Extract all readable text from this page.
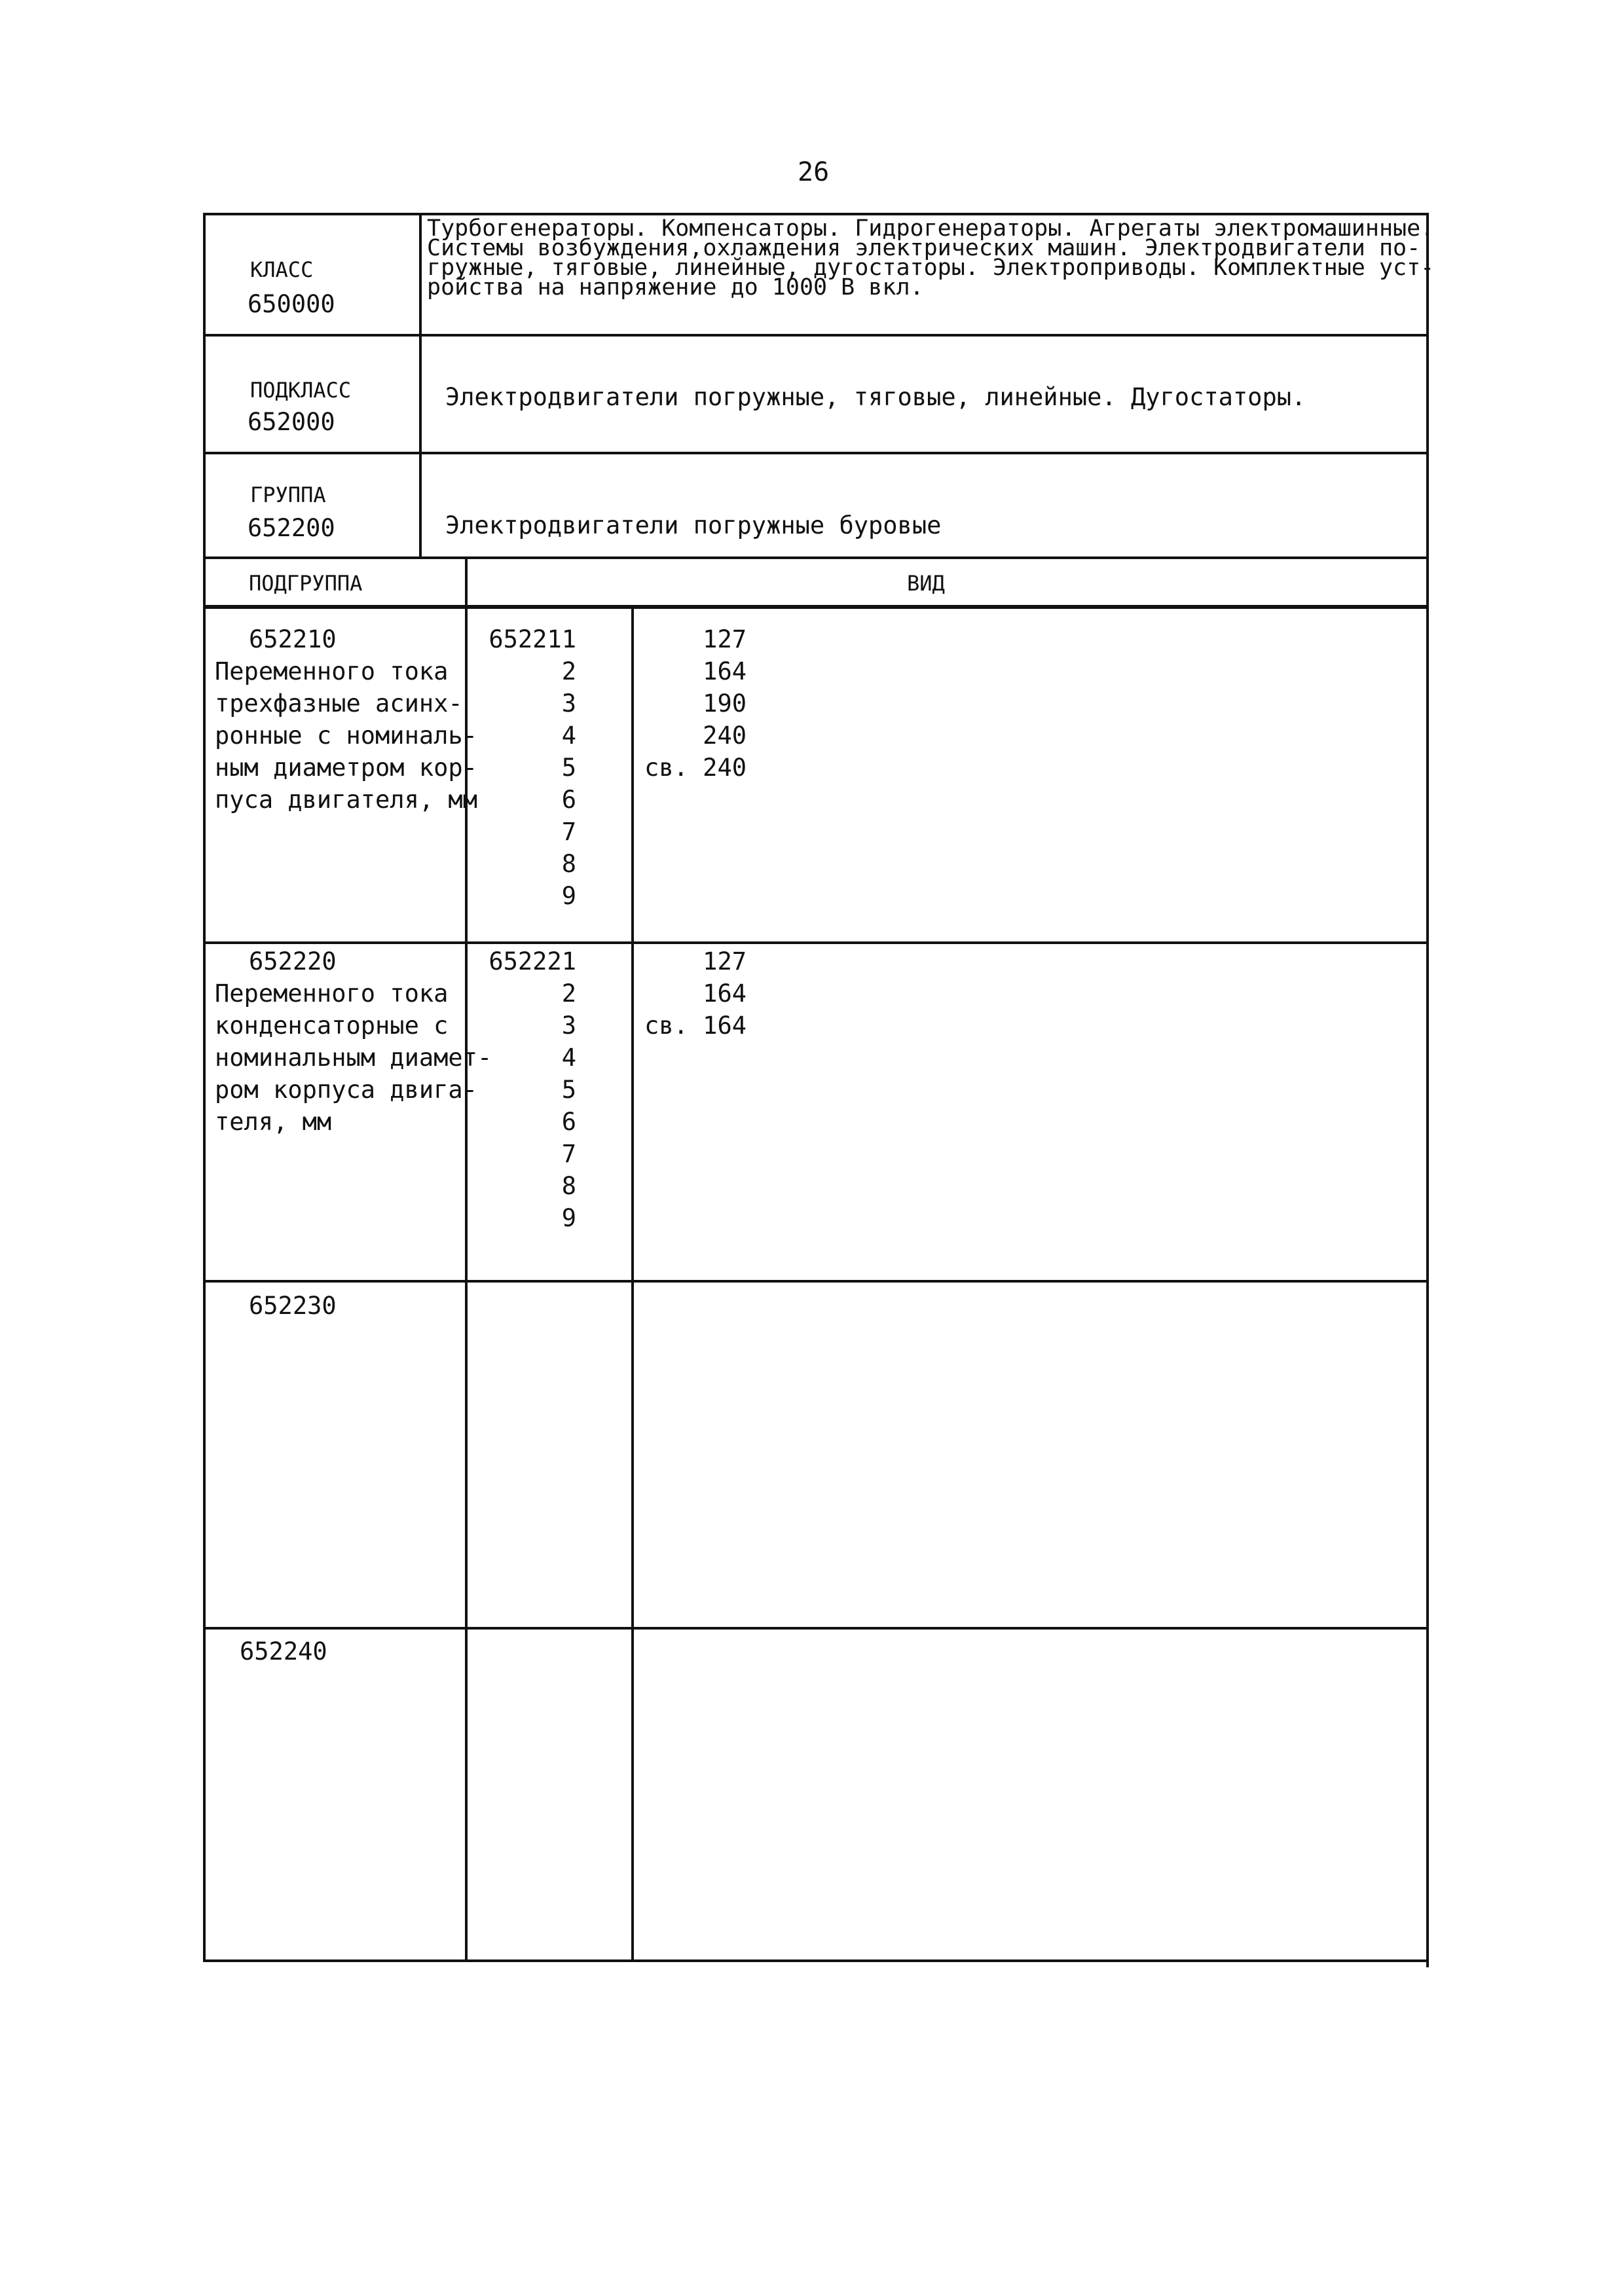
26
КЛАСС
650000
Турбогенераторы. Компенсаторы. Гидрогенераторы. Агрегаты электромашинные.
Системы возбуждения,охлаждения электрических машин. Электродвигатели по-
гружные, тяговые, линейные, дугостаторы. Электроприводы. Комплектные уст-
ройства на напряжение до 1000 В вкл.
ПОДКЛАСС
652000
Электродвигатели погружные, тяговые, линейные. Дугостаторы.
ГРУППА
652200	Электродвигатели погружные буровые
ПОДГРУППА	ВИД
652210
Переменного тока
трехфазные асинх-
ронные с номиналь-
ным диаметром кор-
пуса двигателя, мм
652211
2
3
4
5
6
7
8
9
127
164
190
240
св. 240
652220
Переменного тока
конденсаторные с
номинальным диамет-
ром корпуса двига-
теля, мм
652221
2
3
4
5
6
7
8
9
127
164
св. 164
652230
652240
